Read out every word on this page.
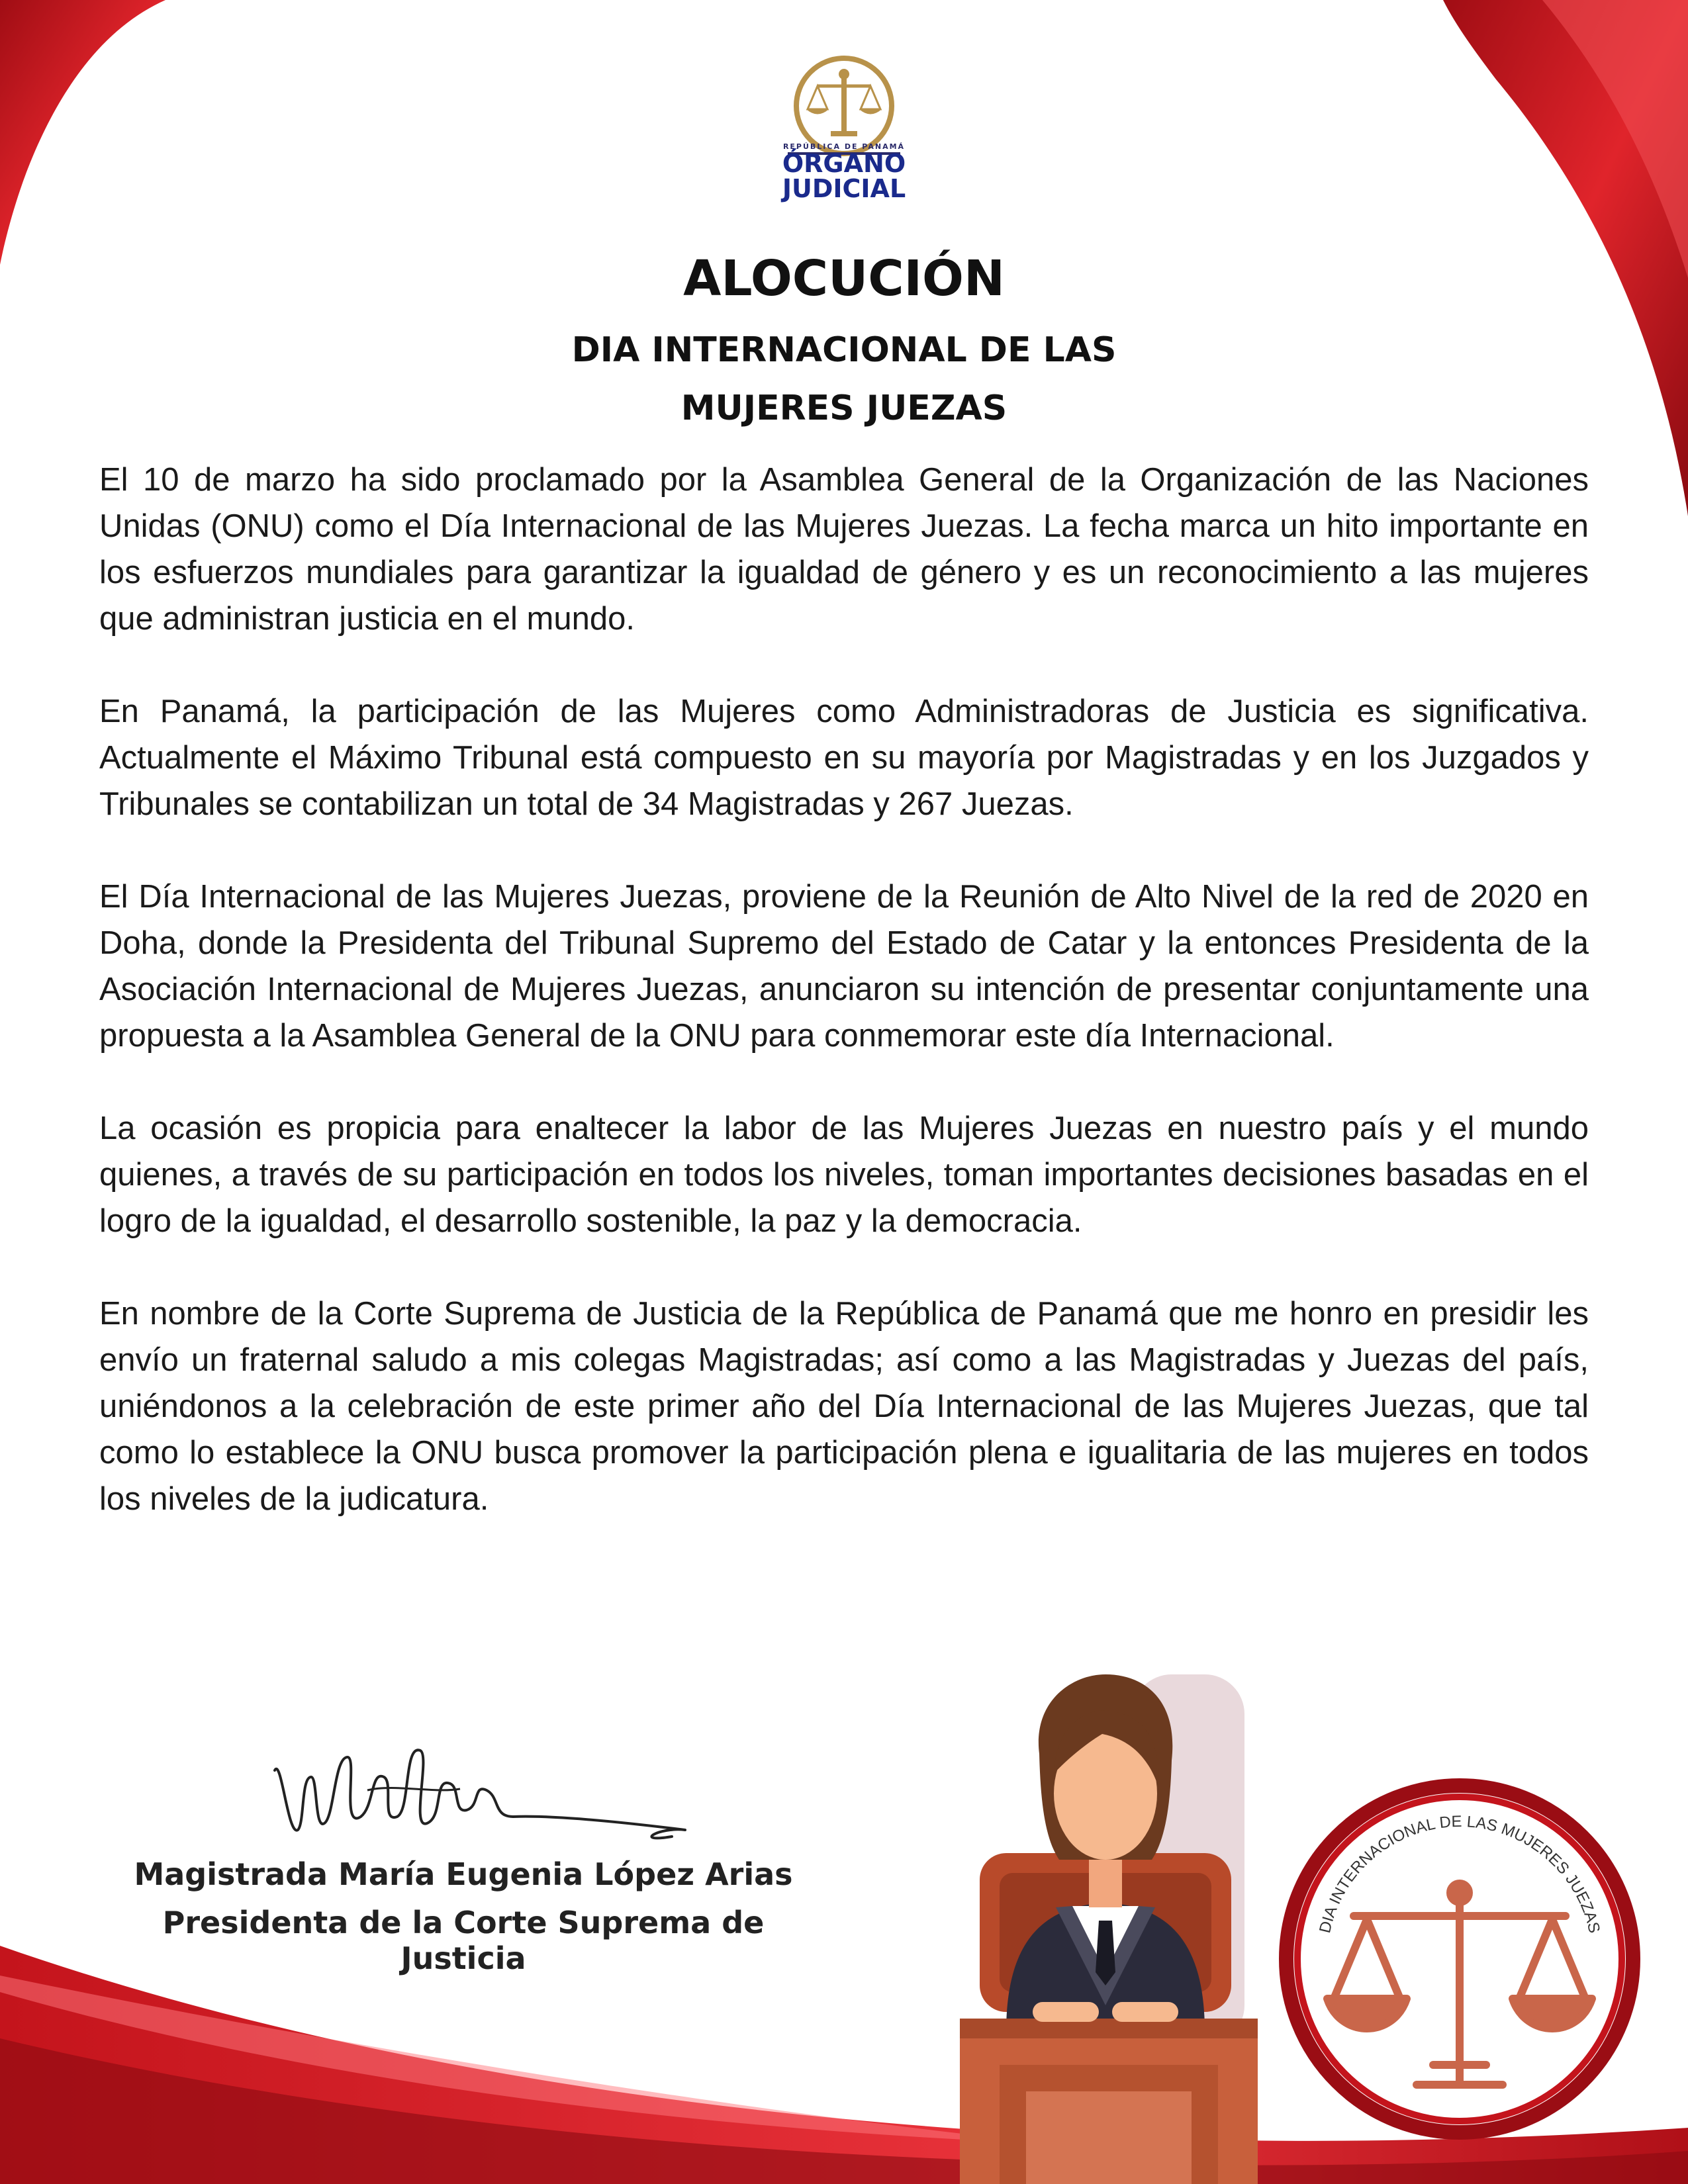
REPÚBLICA DE PANAMÁ
ÓRGANO
JUDICIAL
ALOCUCIÓN
DIA INTERNACIONAL DE LAS
MUJERES JUEZAS

El 10 de marzo ha sido proclamado por la Asamblea General de la Organización de las Naciones Unidas (ONU) como el Día Internacional de las Mujeres Juezas. La fecha marca un hito importante en los esfuerzos mundiales para garantizar la igualdad de género y es un reconocimiento a las mujeres que administran justicia en el mundo.

En Panamá, la participación de las Mujeres como Administradoras de Justicia es significativa. Actualmente el Máximo Tribunal está compuesto en su mayoría por Magistradas y en los Juzgados y Tribunales se contabilizan un total de 34 Magistradas y 267 Juezas.

El Día Internacional de las Mujeres Juezas, proviene de la Reunión de Alto Nivel de la red de 2020 en Doha, donde la Presidenta del Tribunal Supremo del Estado de Catar y la entonces Presidenta de la Asociación Internacional de Mujeres Juezas, anunciaron su intención de presentar conjuntamente una propuesta a la Asamblea General de la ONU para conmemorar este día Internacional.

La ocasión es propicia para enaltecer la labor de las Mujeres Juezas en nuestro país y el mundo quienes, a través de su participación en todos los niveles, toman importantes decisiones basadas en el logro de la igualdad, el desarrollo sostenible, la paz y la democracia.

En nombre de la Corte Suprema de Justicia de la República de Panamá que me honro en presidir les envío un fraternal saludo a mis colegas Magistradas; así como a las Magistradas y Juezas del país, uniéndonos a la celebración de este primer año del Día Internacional de las Mujeres Juezas, que tal como lo establece la ONU busca promover la participación plena e igualitaria de las mujeres en todos los niveles de la judicatura.

Magistrada María Eugenia López Arias
Presidenta de la Corte Suprema de Justicia
DIA INTERNACIONAL DE LAS MUJERES JUEZAS
